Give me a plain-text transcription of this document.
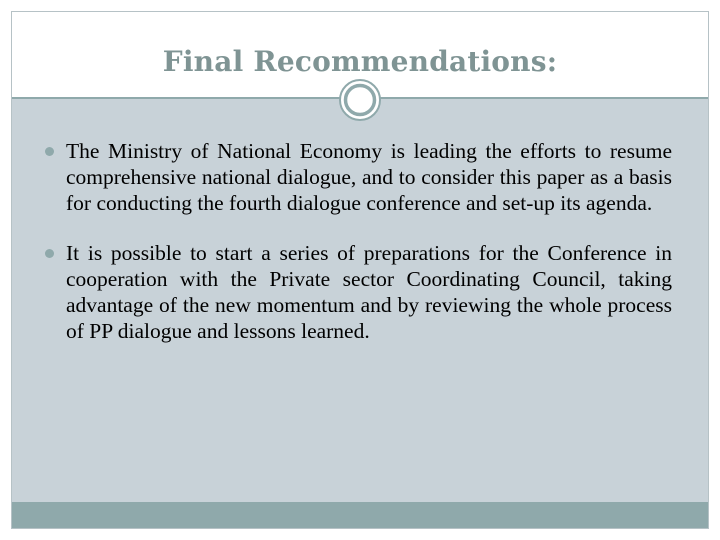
Final Recommendations:
The Ministry of National Economy is leading the efforts to resume comprehensive national dialogue, and to consider this paper as a basis for conducting the fourth dialogue conference and set-up its agenda.
It is possible to start a series of preparations for the Conference in cooperation with the Private sector Coordinating Council, taking advantage of the new momentum and by reviewing the whole process of PP dialogue and lessons learned.
